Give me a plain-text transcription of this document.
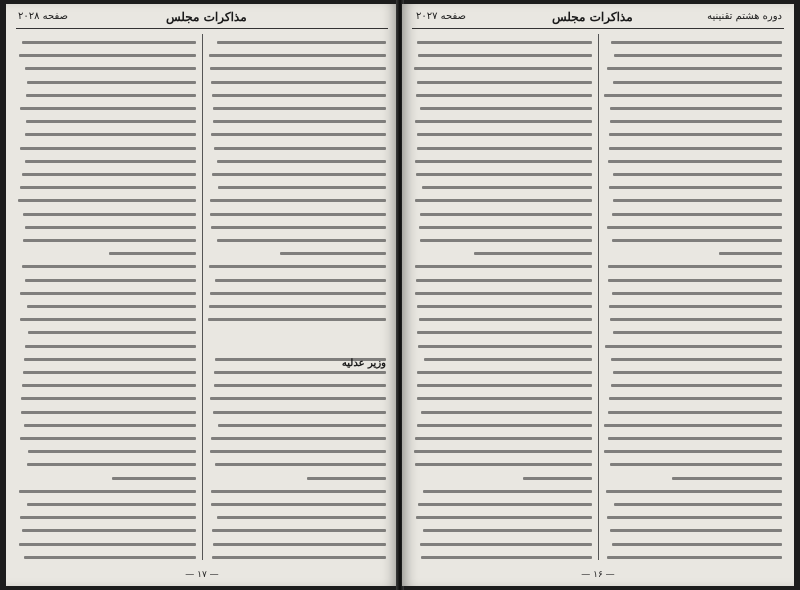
صفحه ۲۰۲۸	مذاکرات مجلس
وزیر عدلیه
— ۱۷ —
دوره هشتم تقنینیه
مذاکرات مجلس
صفحه ۲۰۲۷
— ۱۶ —
